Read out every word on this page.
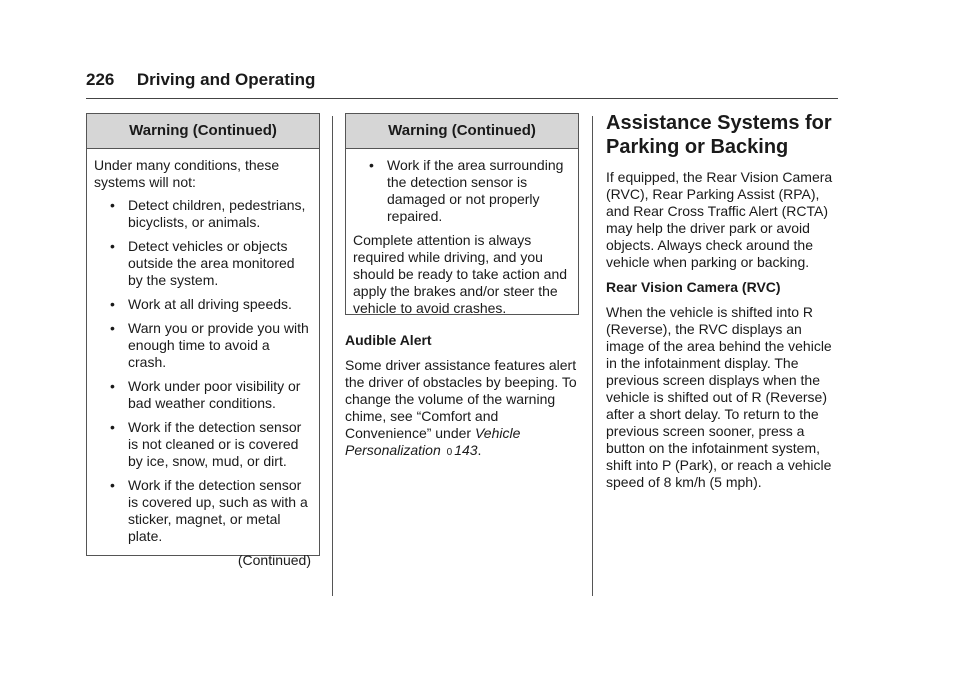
226 Driving and Operating
Warning (Continued)

Under many conditions, these systems will not:

• Detect children, pedestrians, bicyclists, or animals.
• Detect vehicles or objects outside the area monitored by the system.
• Work at all driving speeds.
• Warn you or provide you with enough time to avoid a crash.
• Work under poor visibility or bad weather conditions.
• Work if the detection sensor is not cleaned or is covered by ice, snow, mud, or dirt.
• Work if the detection sensor is covered up, such as with a sticker, magnet, or metal plate.
(Continued)
Warning (Continued)
• Work if the area surrounding the detection sensor is damaged or not properly repaired.

Complete attention is always required while driving, and you should be ready to take action and apply the brakes and/or steer the vehicle to avoid crashes.

Audible Alert

Some driver assistance features alert the driver of obstacles by beeping. To change the volume of the warning chime, see “Comfort and Convenience” under Vehicle Personalization 0 143.

Assistance Systems for Parking or Backing

If equipped, the Rear Vision Camera (RVC), Rear Parking Assist (RPA), and Rear Cross Traffic Alert (RCTA) may help the driver park or avoid objects. Always check around the vehicle when parking or backing.

Rear Vision Camera (RVC)

When the vehicle is shifted into R (Reverse), the RVC displays an image of the area behind the vehicle in the infotainment display. The previous screen displays when the vehicle is shifted out of R (Reverse) after a short delay. To return to the previous screen sooner, press a button on the infotainment system, shift into P (Park), or reach a vehicle speed of 8 km/h (5 mph).
